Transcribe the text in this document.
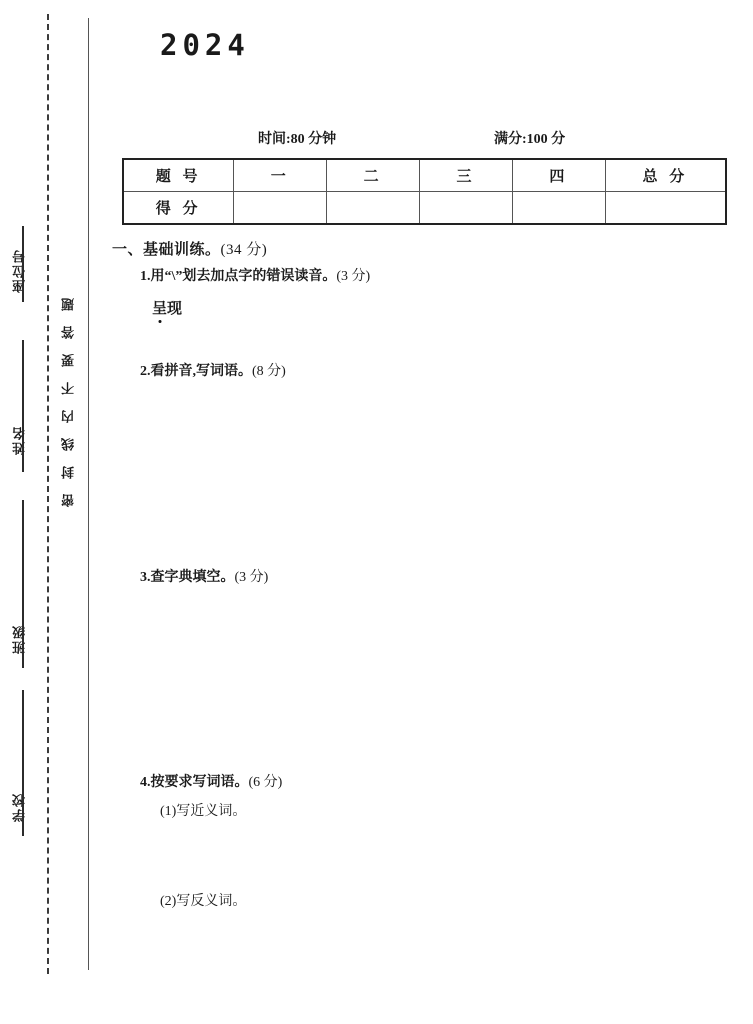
密封线内不要答题
座位号
姓名
班级
学校
2024
时间:80 分钟	满分:100 分
题 号	一	二	三	四	总 分
得 分					
一、基础训练。(34 分)
1.用“\”划去加点字的错误读音。(3 分)
呈现
2.看拼音,写词语。(8 分)
3.查字典填空。(3 分)
4.按要求写词语。(6 分)
(1)写近义词。
(2)写反义词。
